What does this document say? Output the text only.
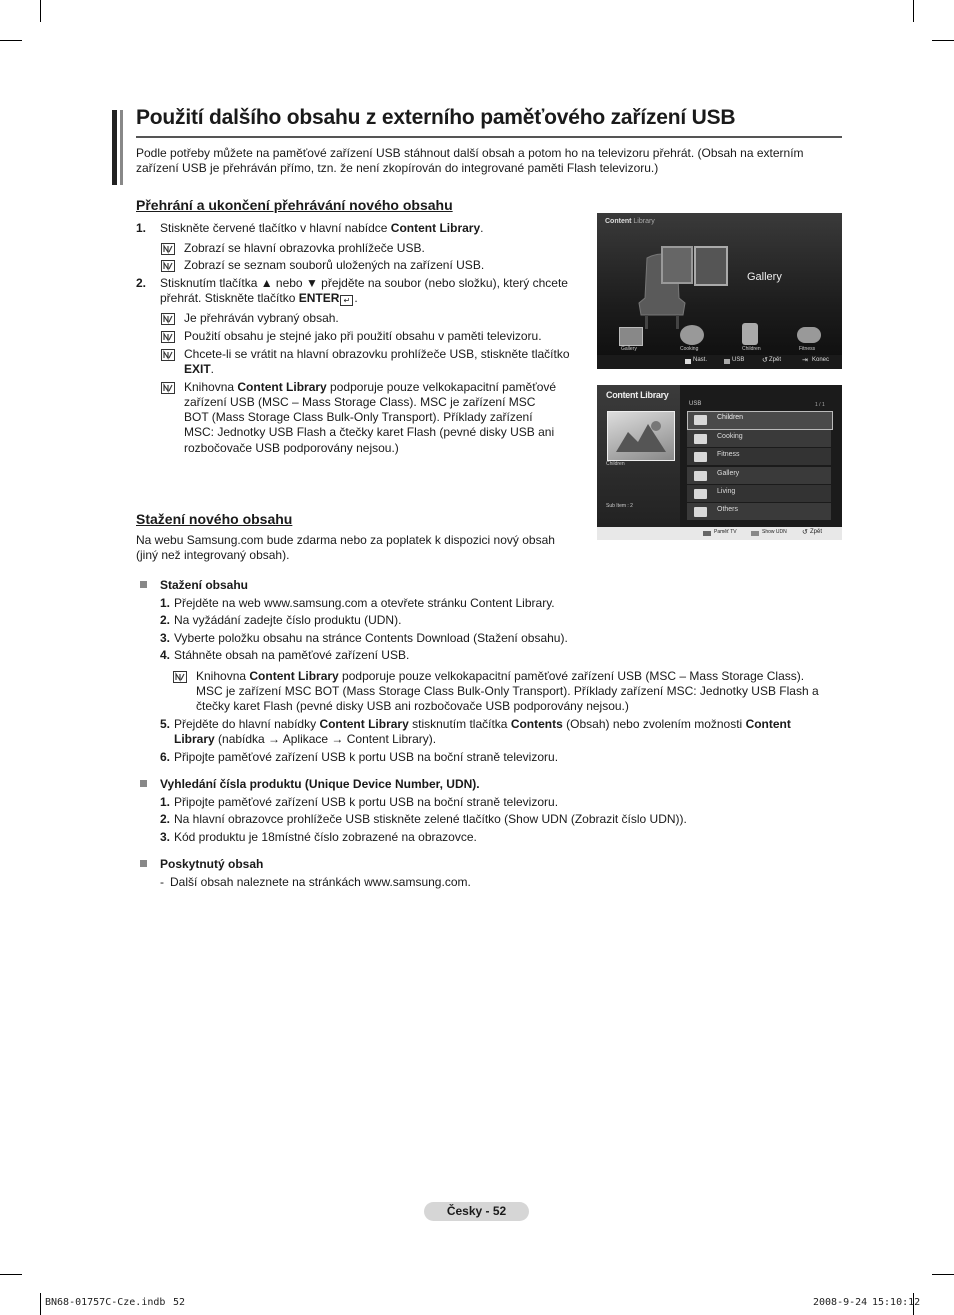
Použití dalšího obsahu z externího paměťového zařízení USB
Podle potřeby můžete na paměťové zařízení USB stáhnout další obsah a potom ho na televizoru přehrát. (Obsah na externím zařízení USB je přehráván přímo, tzn. že není zkopírován do integrované paměti Flash televizoru.)
Přehrání a ukončení přehrávání nového obsahu
1. Stiskněte červené tlačítko v hlavní nabídce Content Library.
Zobrazí se hlavní obrazovka prohlížeče USB.
Zobrazí se seznam souborů uložených na zařízení USB.
2. Stisknutím tlačítka ▲ nebo ▼ přejděte na soubor (nebo složku), který chcete
přehrát. Stiskněte tlačítko ENTER ↵ .
Je přehráván vybraný obsah.
Použití obsahu je stejné jako při použití obsahu v paměti televizoru.
Chcete-li se vrátit na hlavní obrazovku prohlížeče USB, stiskněte tlačítko
EXIT.
Knihovna Content Library podporuje pouze velkokapacitní paměťové
zařízení USB (MSC – Mass Storage Class). MSC je zařízení MSC
BOT (Mass Storage Class Bulk-Only Transport). Příklady zařízení
MSC: Jednotky USB Flash a čtečky karet Flash (pevné disky USB ani
rozbočovače USB podporovány nejsou.)
Content Library
Gallery
Gallery	Cooking	Children	Fitness
Nast.	USB	↺ Zpět	⇥ Konec
Content Library
Children
Sub Item : 2
USB	1 / 1
Children
Cooking
Fitness
Gallery
Living
Others
Paměť TV	Show UDN ↺ Zpět
Stažení nového obsahu
Na webu Samsung.com bude zdarma nebo za poplatek k dispozici nový obsah
(jiný než integrovaný obsah).
Stažení obsahu
1. Přejděte na web www.samsung.com a otevřete stránku Content Library.
2. Na vyžádání zadejte číslo produktu (UDN).
3. Vyberte položku obsahu na stránce Contents Download (Stažení obsahu).
4. Stáhněte obsah na paměťové zařízení USB.
Knihovna Content Library podporuje pouze velkokapacitní paměťové zařízení USB (MSC – Mass Storage Class).
MSC je zařízení MSC BOT (Mass Storage Class Bulk-Only Transport). Příklady zařízení MSC: Jednotky USB Flash a
čtečky karet Flash (pevné disky USB ani rozbočovače USB podporovány nejsou.)
5. Přejděte do hlavní nabídky Content Library stisknutím tlačítka Contents (Obsah) nebo zvolením možnosti Content
Library (nabídka → Aplikace → Content Library).
6. Připojte paměťové zařízení USB k portu USB na boční straně televizoru.
Vyhledání čísla produktu (Unique Device Number, UDN).
1. Připojte paměťové zařízení USB k portu USB na boční straně televizoru.
2. Na hlavní obrazovce prohlížeče USB stiskněte zelené tlačítko (Show UDN (Zobrazit číslo UDN)).
3. Kód produktu je 18místné číslo zobrazené na obrazovce.
Poskytnutý obsah
- Další obsah naleznete na stránkách www.samsung.com.
Česky - 52
BN68-01757C-Cze.indb 52	2008-9-24 15:10:12
